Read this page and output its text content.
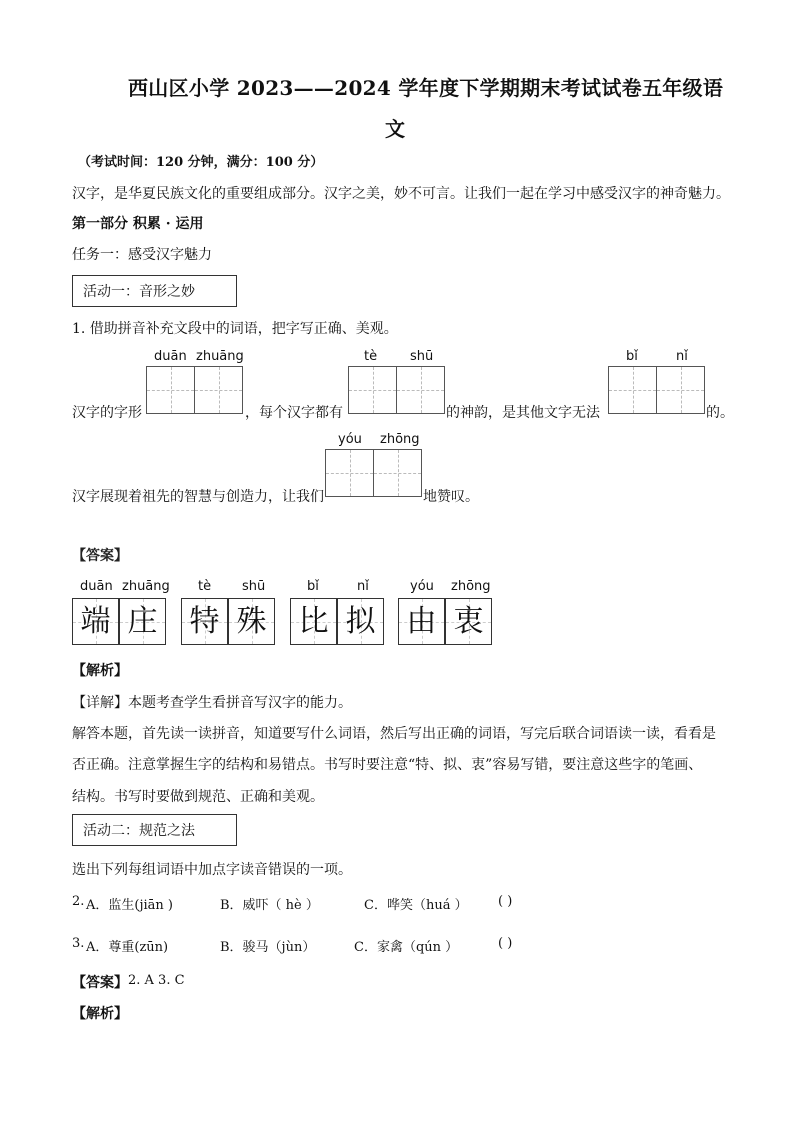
西山区小学 2023——2024 学年度下学期期末考试试卷五年级语
文
（考试时间：120 分钟，满分：100 分）
汉字，是华夏民族文化的重要组成部分。汉字之美，妙不可言。让我们一起在学习中感受汉字的神奇魅力。
第一部分 积累 · 运用
任务一：感受汉字魅力
活动一：音形之妙
1. 借助拼音补充文段中的词语，把字写正确、美观。
duān zhuāng	tè	shū	bǐ	nǐ
汉字的字形	，每个汉字都有	的神韵，是其他文字无法	的。
yóu zhōng
汉字展现着祖先的智慧与创造力，让我们	地赞叹。
【答案】
duān zhuāng tè shū	bǐ	nǐ	yóu zhōng
端 庄 特 殊 比 拟 由 衷
【解析】
【详解】本题考查学生看拼音写汉字的能力。
解答本题，首先读一读拼音，知道要写什么词语，然后写出正确的词语，写完后联合词语读一读，看看是
否正确。注意掌握生字的结构和易错点。书写时要注意“特、拟、衷”容易写错，要注意这些字的笔画、
结构。书写时要做到规范、正确和美观。
活动二：规范之法
选出下列每组词语中加点字读音错误的一项。
2. A．监生(jiān )	B．威吓（ hè ）	C．哗笑（huá ） ( )
3. A．尊重(zūn)	B．骏马（jùn）	C．家禽（qún ）	( )
【答案】 2. A 3. C
【解析】
